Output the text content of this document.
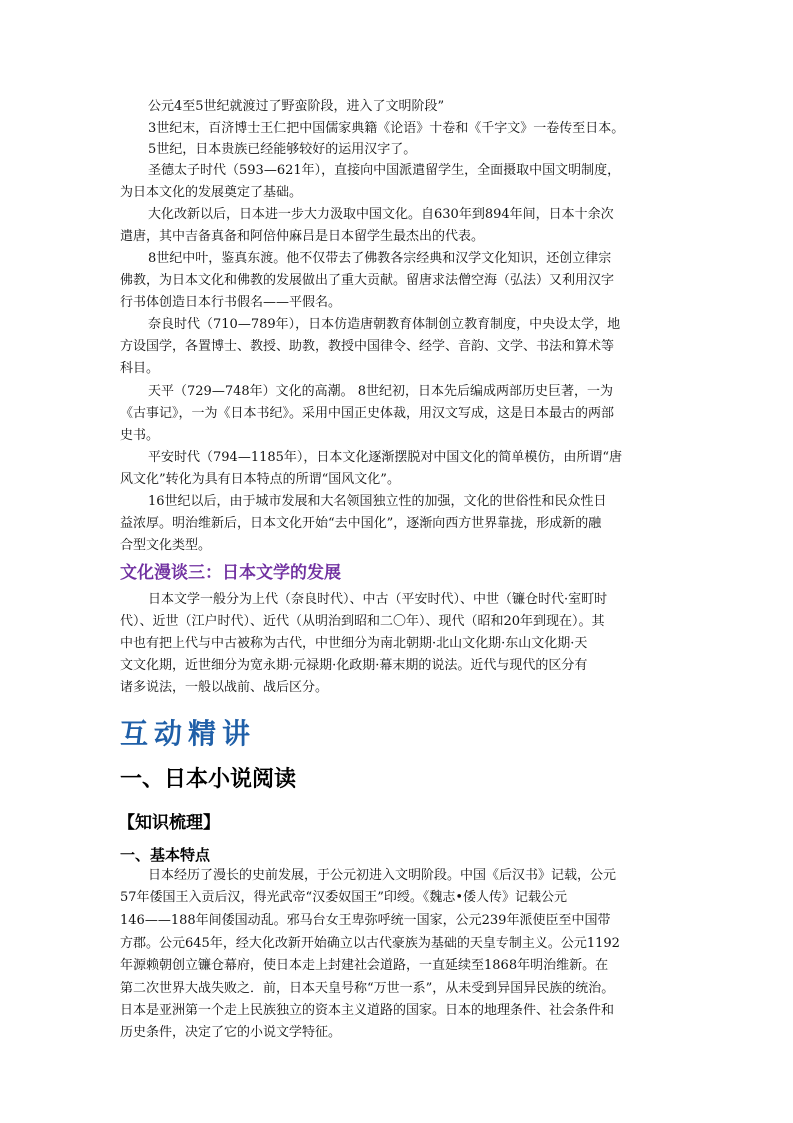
公元4至5世纪就渡过了野蛮阶段，进入了文明阶段”
3世纪末，百济博士王仁把中国儒家典籍《论语》十卷和《千字文》一卷传至日本。
5世纪，日本贵族已经能够较好的运用汉字了。
圣德太子时代（593—621年），直接向中国派遣留学生，全面摄取中国文明制度，
为日本文化的发展奠定了基础。
大化改新以后，日本进一步大力汲取中国文化。自630年到894年间，日本十余次
遣唐，其中吉备真备和阿倍仲麻吕是日本留学生最杰出的代表。
8世纪中叶，鉴真东渡。他不仅带去了佛教各宗经典和汉学文化知识，还创立律宗
佛教，为日本文化和佛教的发展做出了重大贡献。留唐求法僧空海（弘法）又利用汉字
行书体创造日本行书假名——平假名。
奈良时代（710—789年），日本仿造唐朝教育体制创立教育制度，中央设太学，地
方设国学，各置博士、教授、助教，教授中国律令、经学、音韵、文学、书法和算术等
科目。
天平（729—748年）文化的高潮。 8世纪初，日本先后编成两部历史巨著，一为
《古事记》，一为《日本书纪》。采用中国正史体裁，用汉文写成，这是日本最古的两部
史书。
平安时代（794—1185年），日本文化逐渐摆脱对中国文化的简单模仿，由所谓“唐
风文化”转化为具有日本特点的所谓“国风文化”。
16世纪以后，由于城市发展和大名领国独立性的加强，文化的世俗性和民众性日
益浓厚。明治维新后，日本文化开始“去中国化”，逐渐向西方世界靠拢，形成新的融
合型文化类型。
文化漫谈三：日本文学的发展
日本文学一般分为上代（奈良时代）、中古（平安时代）、中世（镰仓时代·室町时
代）、近世（江户时代）、近代（从明治到昭和二〇年）、现代（昭和20年到现在）。其
中也有把上代与中古被称为古代，中世细分为南北朝期·北山文化期·东山文化期·天
文文化期，近世细分为宽永期·元禄期·化政期·幕末期的说法。近代与现代的区分有
诸多说法，一般以战前、战后区分。
互动精讲
一、日本小说阅读
【知识梳理】
一、基本特点
日本经历了漫长的史前发展，于公元初进入文明阶段。中国《后汉书》记载，公元
57年倭国王入贡后汉，得光武帝“汉委奴国王”印绶。《魏志•倭人传》记载公元
146——188年间倭国动乱。邪马台女王卑弥呼统一国家，公元239年派使臣至中国带
方郡。公元645年，经大化改新开始确立以古代豪族为基础的天皇专制主义。公元1192
年源赖朝创立镰仓幕府，使日本走上封建社会道路，一直延续至1868年明治维新。在
第二次世界大战失败之．前，日本天皇号称“万世一系”，从未受到异国异民族的统治。
日本是亚洲第一个走上民族独立的资本主义道路的国家。日本的地理条件、社会条件和
历史条件，决定了它的小说文学特征。
